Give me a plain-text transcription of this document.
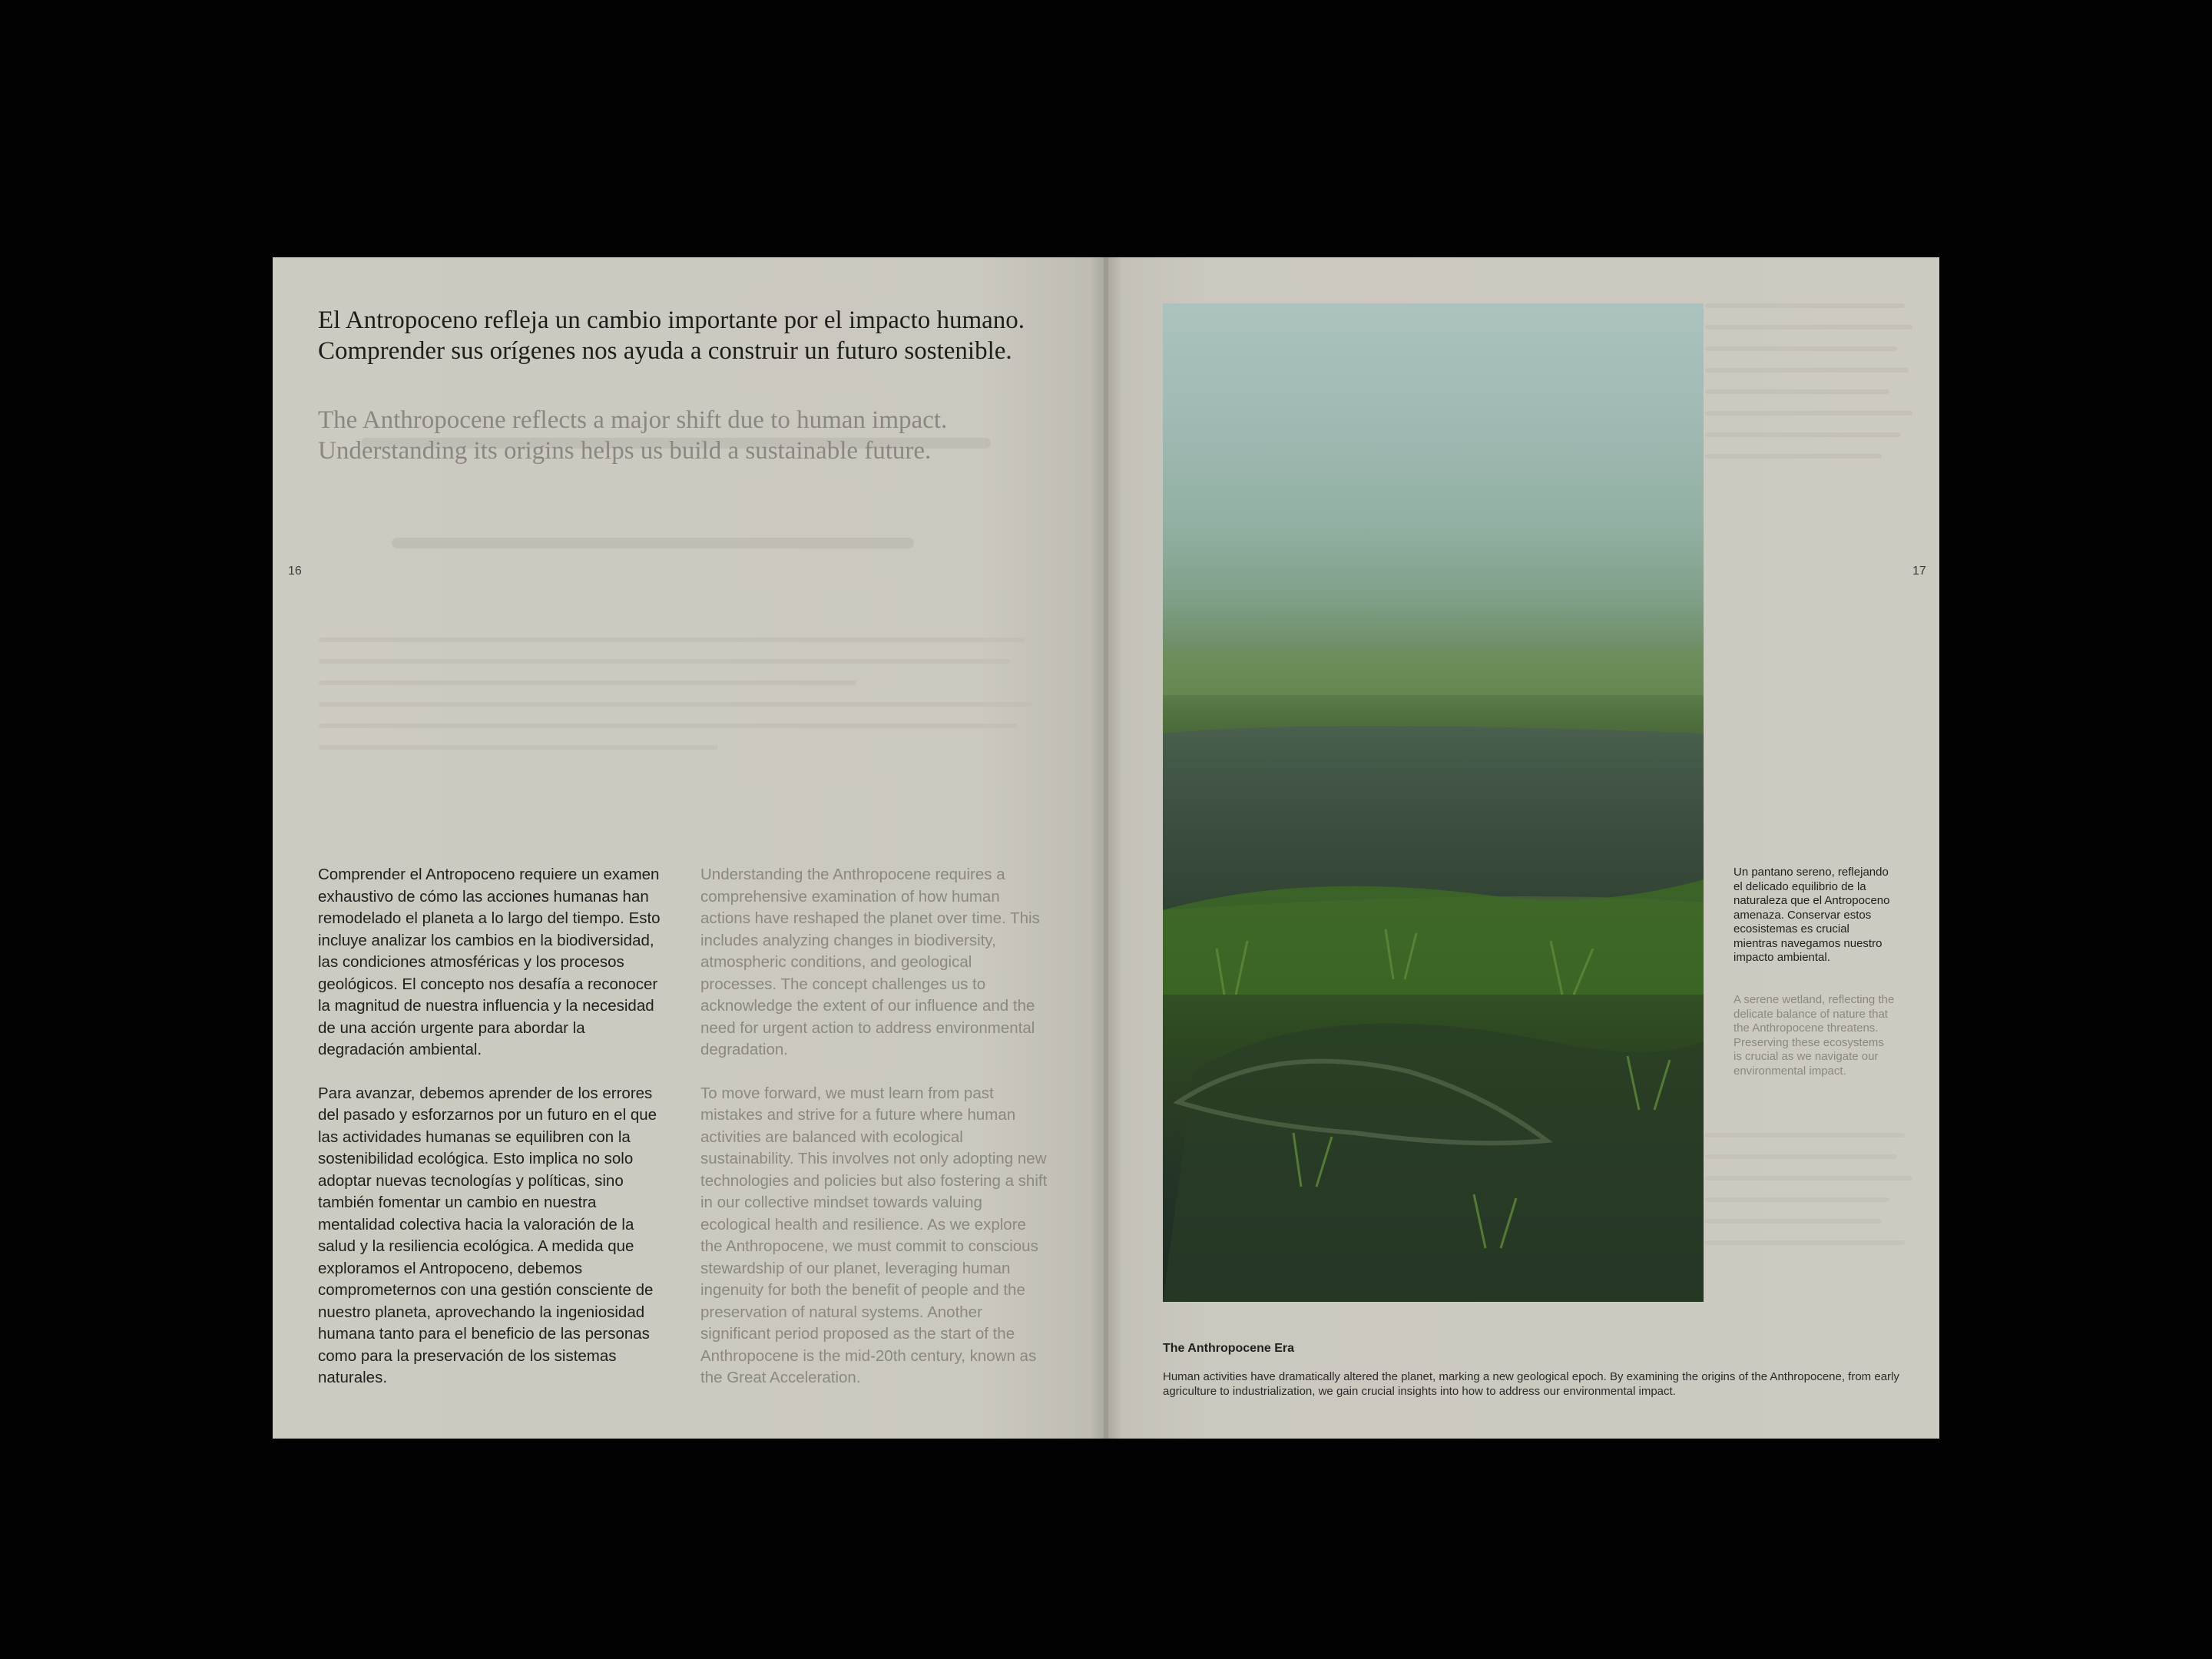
El Antropoceno refleja un cambio importante por el impacto humano. Comprender sus orígenes nos ayuda a construir un futuro sostenible.

The Anthropocene reflects a major shift due to human impact. Understanding its origins helps us build a sustainable future.

16

Comprender el Antropoceno requiere un examen exhaustivo de cómo las acciones humanas han remodelado el planeta a lo largo del tiempo. Esto incluye analizar los cambios en la biodiversidad, las condiciones atmosféricas y los procesos geológicos. El concepto nos desafía a reconocer la magnitud de nuestra influencia y la necesidad de una acción urgente para abordar la degradación ambiental.

Para avanzar, debemos aprender de los errores del pasado y esforzarnos por un futuro en el que las actividades humanas se equilibren con la sostenibilidad ecológica. Esto implica no solo adoptar nuevas tecnologías y políticas, sino también fomentar un cambio en nuestra mentalidad colectiva hacia la valoración de la salud y la resiliencia ecológica. A medida que exploramos el Antropoceno, debemos comprometernos con una gestión consciente de nuestro planeta, aprovechando la ingeniosidad humana tanto para el beneficio de las personas como para la preservación de los sistemas naturales.

Understanding the Anthropocene requires a comprehensive examination of how human actions have reshaped the planet over time. This includes analyzing changes in biodiversity, atmospheric conditions, and geological processes. The concept challenges us to acknowledge the extent of our influence and the need for urgent action to address environmental degradation.

To move forward, we must learn from past mistakes and strive for a future where human activities are balanced with ecological sustainability. This involves not only adopting new technologies and policies but also fostering a shift in our collective mindset towards valuing ecological health and resilience. As we explore the Anthropocene, we must commit to conscious stewardship of our planet, leveraging human ingenuity for both the benefit of people and the preservation of natural systems. Another significant period proposed as the start of the Anthropocene is the mid-20th century, known as the Great Acceleration.

17

Un pantano sereno, reflejando el delicado equilibrio de la naturaleza que el Antropoceno amenaza. Conservar estos ecosistemas es crucial mientras navegamos nuestro impacto ambiental.

A serene wetland, reflecting the delicate balance of nature that the Anthropocene threatens. Preserving these ecosystems is crucial as we navigate our environmental impact.

The Anthropocene Era

Human activities have dramatically altered the planet, marking a new geological epoch. By examining the origins of the Anthropocene, from early agriculture to industrialization, we gain crucial insights into how to address our environmental impact.
